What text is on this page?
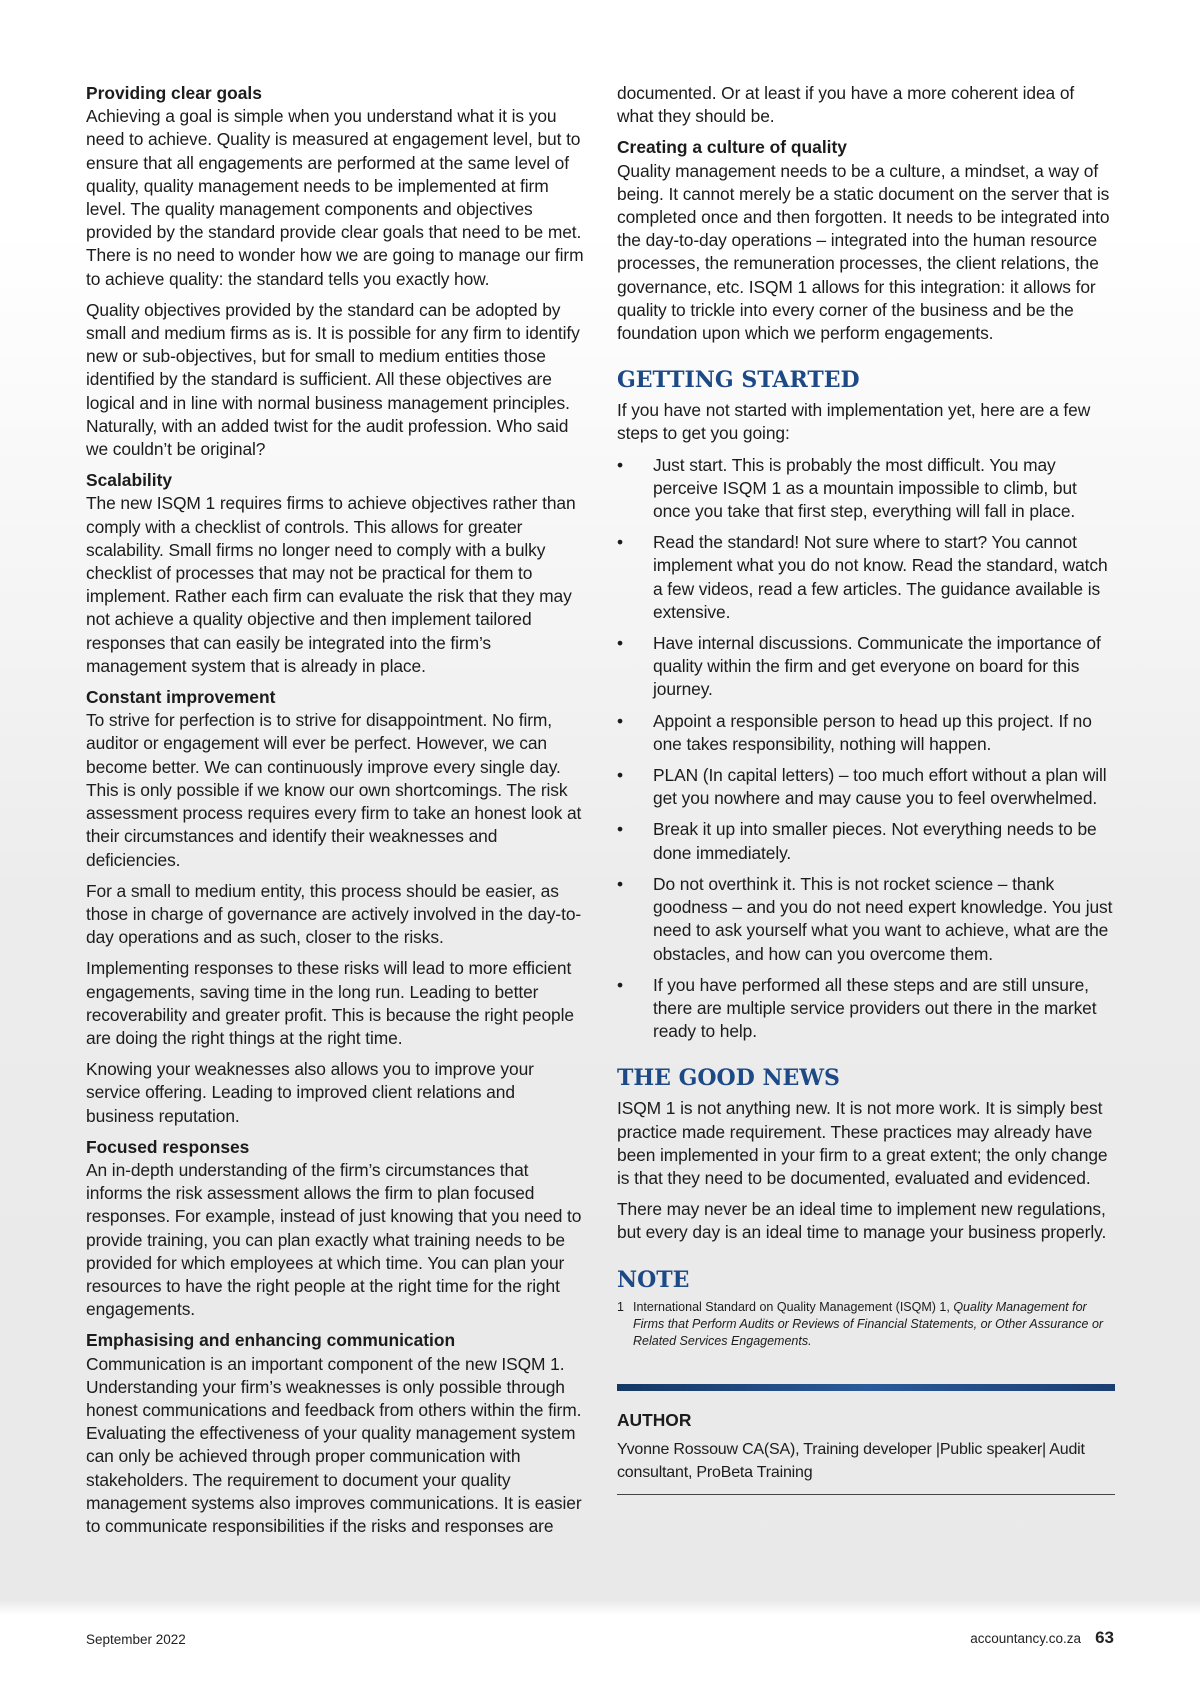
Providing clear goals

Achieving a goal is simple when you understand what it is you need to achieve. Quality is measured at engagement level, but to ensure that all engagements are performed at the same level of quality, quality management needs to be implemented at firm level. The quality management components and objectives provided by the standard provide clear goals that need to be met. There is no need to wonder how we are going to manage our firm to achieve quality: the standard tells you exactly how.

Quality objectives provided by the standard can be adopted by small and medium firms as is. It is possible for any firm to identify new or sub-objectives, but for small to medium entities those identified by the standard is sufficient. All these objectives are logical and in line with normal business management principles. Naturally, with an added twist for the audit profession. Who said we couldn’t be original?

Scalability

The new ISQM 1 requires firms to achieve objectives rather than comply with a checklist of controls. This allows for greater scalability. Small firms no longer need to comply with a bulky checklist of processes that may not be practical for them to implement. Rather each firm can evaluate the risk that they may not achieve a quality objective and then implement tailored responses that can easily be integrated into the firm’s management system that is already in place.

Constant improvement

To strive for perfection is to strive for disappointment. No firm, auditor or engagement will ever be perfect. However, we can become better. We can continuously improve every single day. This is only possible if we know our own shortcomings. The risk assessment process requires every firm to take an honest look at their circumstances and identify their weaknesses and deficiencies.

For a small to medium entity, this process should be easier, as those in charge of governance are actively involved in the day-to-day operations and as such, closer to the risks.

Implementing responses to these risks will lead to more efficient engagements, saving time in the long run. Leading to better recoverability and greater profit. This is because the right people are doing the right things at the right time.

Knowing your weaknesses also allows you to improve your service offering. Leading to improved client relations and business reputation.

Focused responses

An in-depth understanding of the firm’s circumstances that informs the risk assessment allows the firm to plan focused responses. For example, instead of just knowing that you need to provide training, you can plan exactly what training needs to be provided for which employees at which time. You can plan your resources to have the right people at the right time for the right engagements.

Emphasising and enhancing communication

Communication is an important component of the new ISQM 1. Understanding your firm’s weaknesses is only possible through honest communications and feedback from others within the firm. Evaluating the effectiveness of your quality management system can only be achieved through proper communication with stakeholders. The requirement to document your quality management systems also improves communications. It is easier to communicate responsibilities if the risks and responses are

documented. Or at least if you have a more coherent idea of what they should be.

Creating a culture of quality

Quality management needs to be a culture, a mindset, a way of being. It cannot merely be a static document on the server that is completed once and then forgotten. It needs to be integrated into the day-to-day operations – integrated into the human resource processes, the remuneration processes, the client relations, the governance, etc. ISQM 1 allows for this integration: it allows for quality to trickle into every corner of the business and be the foundation upon which we perform engagements.

GETTING STARTED

If you have not started with implementation yet, here are a few steps to get you going:

• Just start. This is probably the most difficult. You may perceive ISQM 1 as a mountain impossible to climb, but once you take that first step, everything will fall in place.
• Read the standard! Not sure where to start? You cannot implement what you do not know. Read the standard, watch a few videos, read a few articles. The guidance available is extensive.
• Have internal discussions. Communicate the importance of quality within the firm and get everyone on board for this journey.
• Appoint a responsible person to head up this project. If no one takes responsibility, nothing will happen.
• PLAN (In capital letters) – too much effort without a plan will get you nowhere and may cause you to feel overwhelmed.
• Break it up into smaller pieces. Not everything needs to be done immediately.
• Do not overthink it. This is not rocket science – thank goodness – and you do not need expert knowledge. You just need to ask yourself what you want to achieve, what are the obstacles, and how can you overcome them.
• If you have performed all these steps and are still unsure, there are multiple service providers out there in the market ready to help.
THE GOOD NEWS

ISQM 1 is not anything new. It is not more work. It is simply best practice made requirement. These practices may already have been implemented in your firm to a great extent; the only change is that they need to be documented, evaluated and evidenced.

There may never be an ideal time to implement new regulations, but every day is an ideal time to manage your business properly.

NOTE
1 International Standard on Quality Management (ISQM) 1, Quality Management for Firms that Perform Audits or Reviews of Financial Statements, or Other Assurance or Related Services Engagements.
AUTHOR
Yvonne Rossouw CA(SA), Training developer |Public speaker| Audit consultant, ProBeta Training
September 2022	accountancy.co.za 63
